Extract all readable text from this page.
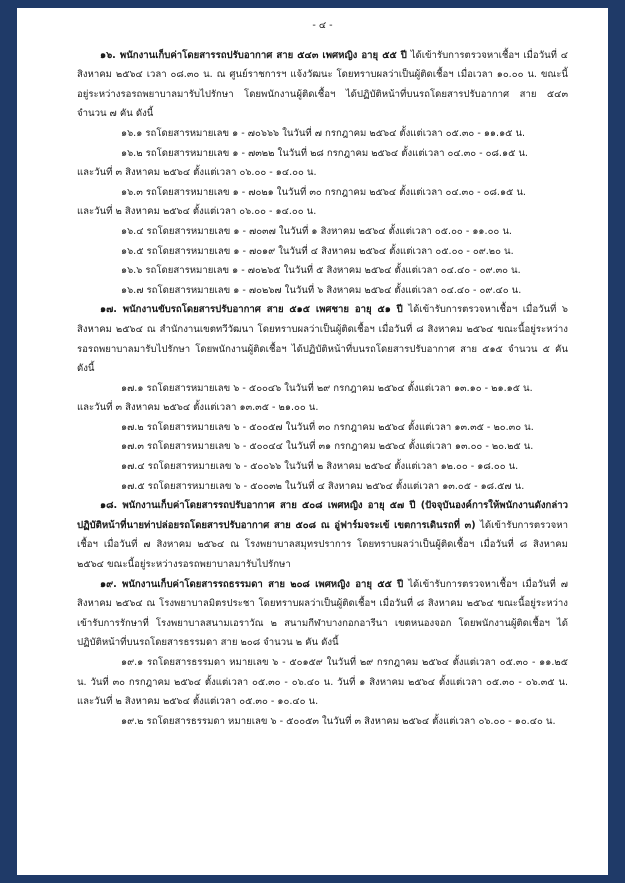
- ๔ -

๑๖. พนักงานเก็บค่าโดยสารรถปรับอากาศ สาย ๕๔๓ เพศหญิง อายุ ๕๕ ปี ได้เข้ารับการตรวจหาเชื้อฯ เมื่อวันที่ ๔ สิงหาคม ๒๕๖๔ เวลา ๐๘.๓๐ น. ณ ศูนย์ราชการฯ แจ้งวัฒนะ โดยทราบผลว่าเป็นผู้ติดเชื้อฯ เมื่อเวลา ๑๐.๐๐ น. ขณะนี้อยู่ระหว่างรอรถพยาบาลมารับไปรักษา โดยพนักงานผู้ติดเชื้อฯ ได้ปฏิบัติหน้าที่บนรถโดยสารปรับอากาศ สาย ๕๔๓ จำนวน ๗ คัน ดังนี้

๑๖.๑ รถโดยสารหมายเลข ๑ - ๗๐๖๖๖ ในวันที่ ๗ กรกฎาคม ๒๕๖๔ ตั้งแต่เวลา ๐๕.๓๐ - ๑๑.๑๕ น.

๑๖.๒ รถโดยสารหมายเลข ๑ - ๗๓๒๒ ในวันที่ ๒๘ กรกฎาคม ๒๕๖๔ ตั้งแต่เวลา ๐๔.๓๐ - ๐๘.๑๕ น.

และวันที่ ๓ สิงหาคม ๒๕๖๔ ตั้งแต่เวลา ๐๖.๐๐ - ๑๔.๐๐ น.

๑๖.๓ รถโดยสารหมายเลข ๑ - ๗๐๒๑ ในวันที่ ๓๐ กรกฎาคม ๒๕๖๔ ตั้งแต่เวลา ๐๔.๓๐ - ๐๘.๑๕ น.

และวันที่ ๒ สิงหาคม ๒๕๖๔ ตั้งแต่เวลา ๐๖.๐๐ - ๑๔.๐๐ น.

๑๖.๔ รถโดยสารหมายเลข ๑ - ๗๐๓๗ ในวันที่ ๑ สิงหาคม ๒๕๖๔ ตั้งแต่เวลา ๐๕.๐๐ - ๑๑.๐๐ น.

๑๖.๕ รถโดยสารหมายเลข ๑ - ๗๐๑๙ ในวันที่ ๔ สิงหาคม ๒๕๖๔ ตั้งแต่เวลา ๐๕.๐๐ - ๐๙.๒๐ น.

๑๖.๖ รถโดยสารหมายเลข ๑ - ๗๐๒๖๕ ในวันที่ ๕ สิงหาคม ๒๕๖๔ ตั้งแต่เวลา ๐๔.๔๐ - ๐๙.๓๐ น.

๑๖.๗ รถโดยสารหมายเลข ๑ - ๗๐๒๖๗ ในวันที่ ๖ สิงหาคม ๒๕๖๔ ตั้งแต่เวลา ๐๔.๔๐ - ๐๙.๔๐ น.

๑๗. พนักงานขับรถโดยสารปรับอากาศ สาย ๕๑๕ เพศชาย อายุ ๕๑ ปี ได้เข้ารับการตรวจหาเชื้อฯ เมื่อวันที่ ๖ สิงหาคม ๒๕๖๔ ณ สำนักงานเขตทวีวัฒนา โดยทราบผลว่าเป็นผู้ติดเชื้อฯ เมื่อวันที่ ๘ สิงหาคม ๒๕๖๔ ขณะนี้อยู่ระหว่างรอรถพยาบาลมารับไปรักษา โดยพนักงานผู้ติดเชื้อฯ ได้ปฏิบัติหน้าที่บนรถโดยสารปรับอากาศ สาย ๕๑๕ จำนวน ๕ คัน ดังนี้

๑๗.๑ รถโดยสารหมายเลข ๖ - ๕๐๐๔๖ ในวันที่ ๒๙ กรกฎาคม ๒๕๖๔ ตั้งแต่เวลา ๑๓.๑๐ - ๒๑.๑๕ น.

และวันที่ ๓ สิงหาคม ๒๕๖๔ ตั้งแต่เวลา ๑๓.๓๕ - ๒๑.๐๐ น.

๑๗.๒ รถโดยสารหมายเลข ๖ - ๕๐๐๕๗ ในวันที่ ๓๐ กรกฎาคม ๒๕๖๔ ตั้งแต่เวลา ๑๓.๓๕ - ๒๐.๓๐ น.

๑๗.๓ รถโดยสารหมายเลข ๖ - ๕๐๐๔๔ ในวันที่ ๓๑ กรกฎาคม ๒๕๖๔ ตั้งแต่เวลา ๑๓.๐๐ - ๒๐.๒๕ น.

๑๗.๔ รถโดยสารหมายเลข ๖ - ๕๐๐๖๖ ในวันที่ ๒ สิงหาคม ๒๕๖๔ ตั้งแต่เวลา ๑๒.๐๐ - ๑๘.๐๐ น.

๑๗.๕ รถโดยสารหมายเลข ๖ - ๕๐๐๓๒ ในวันที่ ๔ สิงหาคม ๒๕๖๔ ตั้งแต่เวลา ๑๓.๐๕ - ๑๘.๕๗ น.

๑๘. พนักงานเก็บค่าโดยสารรถปรับอากาศ สาย ๕๐๘ เพศหญิง อายุ ๕๗ ปี (ปัจจุบันองค์การให้พนักงานดังกล่าว ปฏิบัติหน้าที่นายท่าปล่อยรถโดยสารปรับอากาศ สาย ๕๐๘ ณ อู่ฟาร์มจระเข้ เขตการเดินรถที่ ๓) ได้เข้ารับการตรวจหาเชื้อฯ เมื่อวันที่ ๗ สิงหาคม ๒๕๖๔ ณ โรงพยาบาลสมุทรปราการ โดยทราบผลว่าเป็นผู้ติดเชื้อฯ เมื่อวันที่ ๘ สิงหาคม ๒๕๖๔ ขณะนี้อยู่ระหว่างรอรถพยาบาลมารับไปรักษา

๑๙. พนักงานเก็บค่าโดยสารรถธรรมดา สาย ๒๐๘ เพศหญิง อายุ ๕๕ ปี ได้เข้ารับการตรวจหาเชื้อฯ เมื่อวันที่ ๗ สิงหาคม ๒๕๖๔ ณ โรงพยาบาลมิตรประชา โดยทราบผลว่าเป็นผู้ติดเชื้อฯ เมื่อวันที่ ๘ สิงหาคม ๒๕๖๔ ขณะนี้อยู่ระหว่างเข้ารับการรักษาที่ โรงพยาบาลสนามเอราวัณ ๒ สนามกีฬาบางกอกอารีนา เขตหนองจอก โดยพนักงานผู้ติดเชื้อฯ ได้ปฏิบัติหน้าที่บนรถโดยสารธรรมดา สาย ๒๐๘ จำนวน ๒ คัน ดังนี้

๑๙.๑ รถโดยสารธรรมดา หมายเลข ๖ - ๕๐๑๕๙ ในวันที่ ๒๙ กรกฎาคม ๒๕๖๔ ตั้งแต่เวลา ๐๕.๓๐ - ๑๑.๒๕ น. วันที่ ๓๐ กรกฎาคม ๒๕๖๔ ตั้งแต่เวลา ๐๕.๓๐ - ๐๖.๔๐ น. วันที่ ๑ สิงหาคม ๒๕๖๔ ตั้งแต่เวลา ๐๕.๓๐ - ๐๖.๓๕ น. และวันที่ ๒ สิงหาคม ๒๕๖๔ ตั้งแต่เวลา ๐๕.๓๐ - ๑๐.๔๐ น.

๑๙.๒ รถโดยสารธรรมดา หมายเลข ๖ - ๕๐๐๕๓ ในวันที่ ๓ สิงหาคม ๒๕๖๔ ตั้งแต่เวลา ๐๖.๐๐ - ๑๐.๔๐ น.
